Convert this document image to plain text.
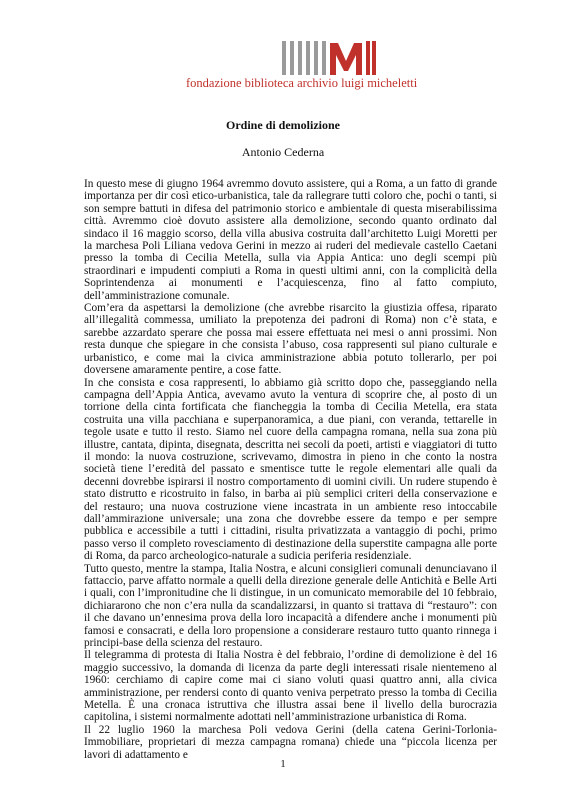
fondazione biblioteca archivio luigi micheletti
Ordine di demolizione
Antonio Cederna

In questo mese di giugno 1964 avremmo dovuto assistere, qui a Roma, a un fatto di grande importanza per dir così etico-urbanistica, tale da rallegrare tutti coloro che, pochi o tanti, si son sempre battuti in difesa del patrimonio storico e ambientale di questa miserabilissima città. Avremmo cioè dovuto assistere alla demolizione, secondo quanto ordinato dal sindaco il 16 maggio scorso, della villa abusiva costruita dall’architetto Luigi Moretti per la marchesa Poli Liliana vedova Gerini in mezzo ai ruderi del medievale castello Caetani presso la tomba di Cecilia Metella, sulla via Appia Antica: uno degli scempi più straordinari e impudenti compiuti a Roma in questi ultimi anni, con la complicità della Soprintendenza ai monumenti e l’acquiescenza, fino al fatto compiuto, dell’amministrazione comunale.

Com’era da aspettarsi la demolizione (che avrebbe risarcito la giustizia offesa, riparato all’illegalità commessa, umiliato la prepotenza dei padroni di Roma) non c’è stata, e sarebbe azzardato sperare che possa mai essere effettuata nei mesi o anni prossimi. Non resta dunque che spiegare in che consista l’abuso, cosa rappresenti sul piano culturale e urbanistico, e come mai la civica amministrazione abbia potuto tollerarlo, per poi doversene amaramente pentire, a cose fatte.

In che consista e cosa rappresenti, lo abbiamo già scritto dopo che, passeggiando nella campagna dell’Appia Antica, avevamo avuto la ventura di scoprire che, al posto di un torrione della cinta fortificata che fiancheggia la tomba di Cecilia Metella, era stata costruita una villa pacchiana e superpanoramica, a due piani, con veranda, tettarelle in tegole usate e tutto il resto. Siamo nel cuore della campagna romana, nella sua zona più illustre, cantata, dipinta, disegnata, descritta nei secoli da poeti, artisti e viaggiatori di tutto il mondo: la nuova costruzione, scrivevamo, dimostra in pieno in che conto la nostra società tiene l’eredità del passato e smentisce tutte le regole elementari alle quali da decenni dovrebbe ispirarsi il nostro comportamento di uomini civili. Un rudere stupendo è stato distrutto e ricostruito in falso, in barba ai più semplici criteri della conservazione e del restauro; una nuova costruzione viene incastrata in un ambiente reso intoccabile dall’ammirazione universale; una zona che dovrebbe essere da tempo e per sempre pubblica e accessibile a tutti i cittadini, risulta privatizzata a vantaggio di pochi, primo passo verso il completo rovesciamento di destinazione della superstite campagna alle porte di Roma, da parco archeologico-naturale a sudicia periferia residenziale.

Tutto questo, mentre la stampa, Italia Nostra, e alcuni consiglieri comunali denunciavano il fattaccio, parve affatto normale a quelli della direzione generale delle Antichità e Belle Arti i quali, con l’impronitudine che li distingue, in un comunicato memorabile del 10 febbraio, dichiararono che non c’era nulla da scandalizzarsi, in quanto si trattava di “restauro”: con il che davano un’ennesima prova della loro incapacità a difendere anche i monumenti più famosi e consacrati, e della loro propensione a considerare restauro tutto quanto rinnega i principi-base della scienza del restauro.

Il telegramma di protesta di Italia Nostra è del febbraio, l’ordine di demolizione è del 16 maggio successivo, la domanda di licenza da parte degli interessati risale nientemeno al 1960: cerchiamo di capire come mai ci siano voluti quasi quattro anni, alla civica amministrazione, per rendersi conto di quanto veniva perpetrato presso la tomba di Cecilia Metella. È una cronaca istruttiva che illustra assai bene il livello della burocrazia capitolina, i sistemi normalmente adottati nell’amministrazione urbanistica di Roma.

Il 22 luglio 1960 la marchesa Poli vedova Gerini (della catena Gerini-Torlonia-Immobiliare, proprietari di mezza campagna romana) chiede una “piccola licenza per lavori di adattamento e

1
